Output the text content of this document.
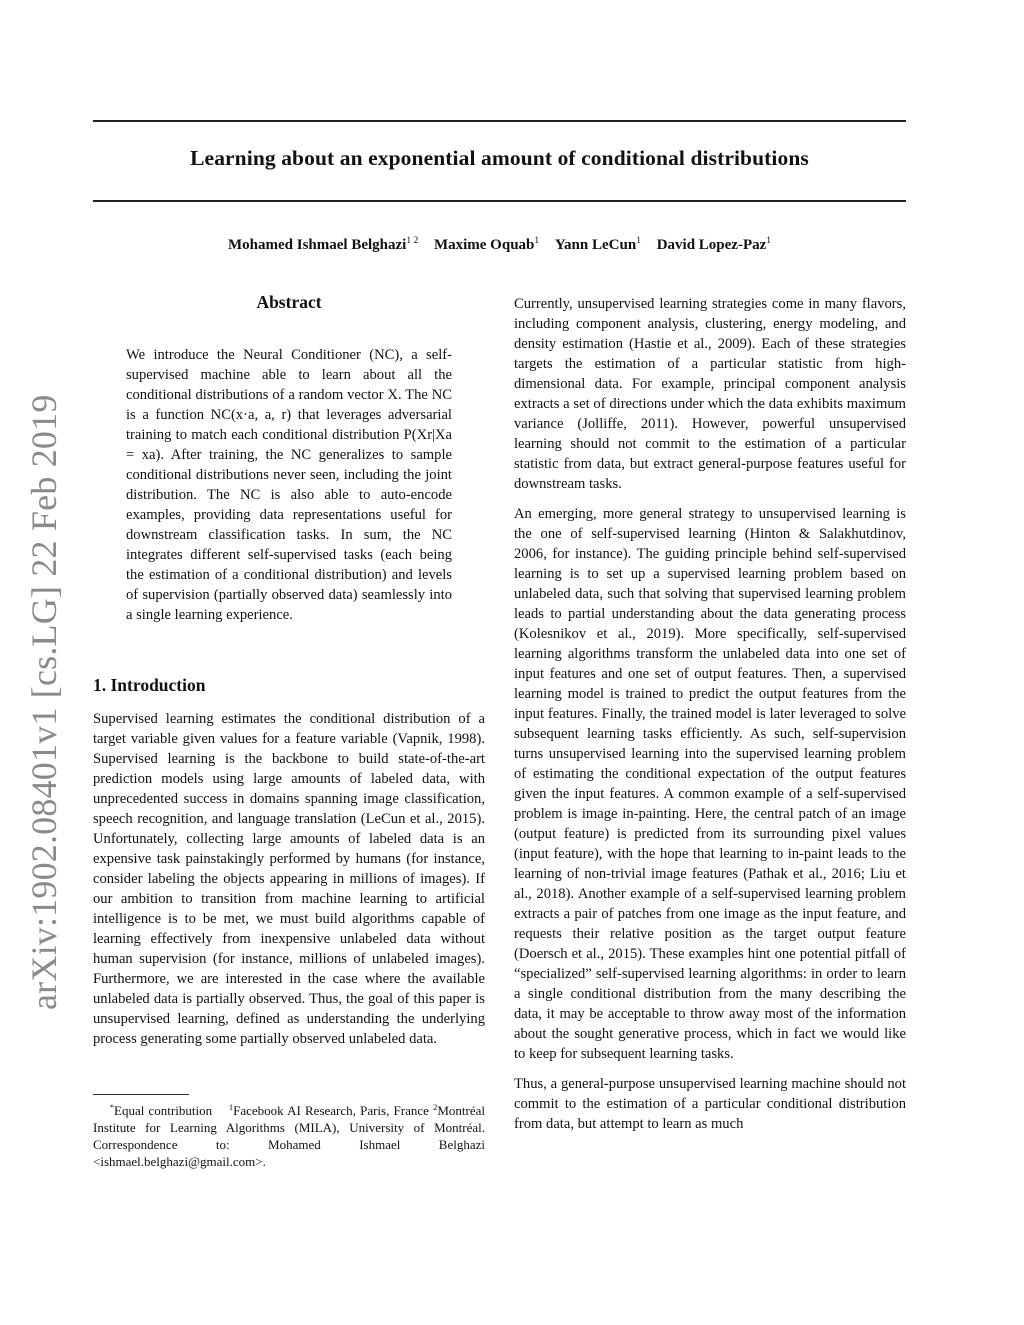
Learning about an exponential amount of conditional distributions
Mohamed Ishmael Belghazi$^{1 2}$ Maxime Oquab$^1$ Yann LeCun$^1$ David Lopez-Paz$^1$
arXiv:1902.08401v1 [cs.LG] 22 Feb 2019
Abstract

We introduce the Neural Conditioner (NC), a self-supervised machine able to learn about all the conditional distributions of a random vector X. The NC is a function NC(x·a, a, r) that leverages adversarial training to match each conditional distribution P(Xr|Xa = xa). After training, the NC generalizes to sample conditional distributions never seen, including the joint distribution. The NC is also able to auto-encode examples, providing data representations useful for downstream classification tasks. In sum, the NC integrates different self-supervised tasks (each being the estimation of a conditional distribution) and levels of supervision (partially observed data) seamlessly into a single learning experience.

1. Introduction

Supervised learning estimates the conditional distribution of a target variable given values for a feature variable (Vapnik, 1998). Supervised learning is the backbone to build state-of-the-art prediction models using large amounts of labeled data, with unprecedented success in domains spanning image classification, speech recognition, and language translation (LeCun et al., 2015). Unfortunately, collecting large amounts of labeled data is an expensive task painstakingly performed by humans (for instance, consider labeling the objects appearing in millions of images). If our ambition to transition from machine learning to artificial intelligence is to be met, we must build algorithms capable of learning effectively from inexpensive unlabeled data without human supervision (for instance, millions of unlabeled images). Furthermore, we are interested in the case where the available unlabeled data is partially observed. Thus, the goal of this paper is unsupervised learning, defined as understanding the underlying process generating some partially observed unlabeled data.

*Equal contribution $^1$Facebook AI Research, Paris, France $^2$Montréal Institute for Learning Algorithms (MILA), University of Montréal. Correspondence to: Mohamed Ishmael Belghazi <ishmael.belghazi@gmail.com>.

Currently, unsupervised learning strategies come in many flavors, including component analysis, clustering, energy modeling, and density estimation (Hastie et al., 2009). Each of these strategies targets the estimation of a particular statistic from high-dimensional data. For example, principal component analysis extracts a set of directions under which the data exhibits maximum variance (Jolliffe, 2011). However, powerful unsupervised learning should not commit to the estimation of a particular statistic from data, but extract general-purpose features useful for downstream tasks.

An emerging, more general strategy to unsupervised learning is the one of self-supervised learning (Hinton & Salakhutdinov, 2006, for instance). The guiding principle behind self-supervised learning is to set up a supervised learning problem based on unlabeled data, such that solving that supervised learning problem leads to partial understanding about the data generating process (Kolesnikov et al., 2019). More specifically, self-supervised learning algorithms transform the unlabeled data into one set of input features and one set of output features. Then, a supervised learning model is trained to predict the output features from the input features. Finally, the trained model is later leveraged to solve subsequent learning tasks efficiently. As such, self-supervision turns unsupervised learning into the supervised learning problem of estimating the conditional expectation of the output features given the input features. A common example of a self-supervised problem is image in-painting. Here, the central patch of an image (output feature) is predicted from its surrounding pixel values (input feature), with the hope that learning to in-paint leads to the learning of non-trivial image features (Pathak et al., 2016; Liu et al., 2018). Another example of a self-supervised learning problem extracts a pair of patches from one image as the input feature, and requests their relative position as the target output feature (Doersch et al., 2015). These examples hint one potential pitfall of “specialized” self-supervised learning algorithms: in order to learn a single conditional distribution from the many describing the data, it may be acceptable to throw away most of the information about the sought generative process, which in fact we would like to keep for subsequent learning tasks.

Thus, a general-purpose unsupervised learning machine should not commit to the estimation of a particular conditional distribution from data, but attempt to learn as much
